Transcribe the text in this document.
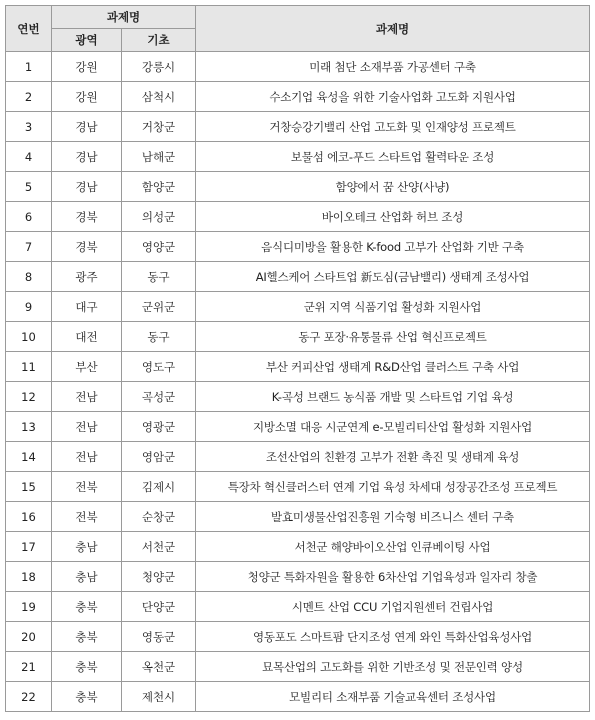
연번	과제명		과제명
	광역	기초	
1	강원	강릉시	미래 첨단 소재부품 가공센터 구축
2	강원	삼척시	수소기업 육성을 위한 기술사업화 고도화 지원사업
3	경남	거창군	거창승강기밸리 산업 고도화 및 인재양성 프로젝트
4	경남	남해군	보물섬 에코-푸드 스타트업 활력타운 조성
5	경남	함양군	함양에서 꿈 산양(사냥)
6	경북	의성군	바이오테크 산업화 허브 조성
7	경북	영양군	음식디미방을 활용한 K-food 고부가 산업화 기반 구축
8	광주	동구	AI헬스케어 스타트업 新도심(금남밸리) 생태계 조성사업
9	대구	군위군	군위 지역 식품기업 활성화 지원사업
10	대전	동구	동구 포장·유통물류 산업 혁신프로젝트
11	부산	영도구	부산 커피산업 생태계 R&D산업 클러스트 구축 사업
12	전남	곡성군	K-곡성 브랜드 농식품 개발 및 스타트업 기업 육성
13	전남	영광군	지방소멸 대응 시군연계 e-모빌리티산업 활성화 지원사업
14	전남	영암군	조선산업의 친환경 고부가 전환 촉진 및 생태계 육성
15	전북	김제시	특장차 혁신클러스터 연계 기업 육성 차세대 성장공간조성 프로젝트
16	전북	순창군	발효미생물산업진흥원 기숙형 비즈니스 센터 구축
17	충남	서천군	서천군 해양바이오산업 인큐베이팅 사업
18	충남	청양군	청양군 특화자원을 활용한 6차산업 기업육성과 일자리 창출
19	충북	단양군	시멘트 산업 CCU 기업지원센터 건립사업
20	충북	영동군	영동포도 스마트팜 단지조성 연계 와인 특화산업육성사업
21	충북	옥천군	묘목산업의 고도화를 위한 기반조성 및 전문인력 양성
22	충북	제천시	모빌리티 소재부품 기술교육센터 조성사업
